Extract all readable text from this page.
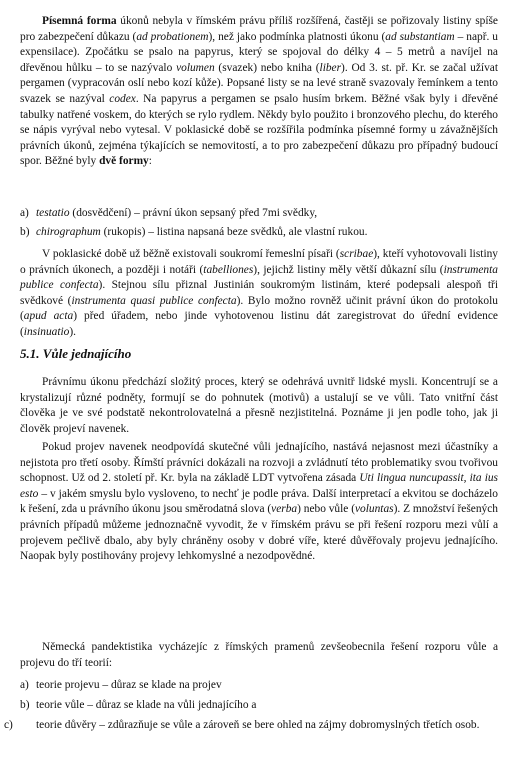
Písemná forma úkonů nebyla v římském právu příliš rozšířená, častěji se pořizovaly listiny spíše pro zabezpečení důkazu (ad probationem), než jako podmínka platnosti úkonu (ad substantiam – např. u expensilace). Zpočátku se psalo na papyrus, který se spojoval do délky 4 – 5 metrů a navíjel na dřevěnou hůlku – to se nazývalo volumen (svazek) nebo kniha (liber). Od 3. st. př. Kr. se začal užívat pergamen (vypracován oslí nebo kozí kůže). Popsané listy se na levé straně svazovaly řemínkem a tento svazek se nazýval codex. Na papyrus a pergamen se psalo husím brkem. Běžné však byly i dřevěné tabulky natřené voskem, do kterých se rylo rydlem. Někdy bylo použito i bronzového plechu, do kterého se nápis vyrýval nebo vytesal. V poklasické době se rozšířila podmínka písemné formy u závažnějších právních úkonů, zejména týkajících se nemovitostí, a to pro zabezpečení důkazu pro případný budoucí spor. Běžné byly dvě formy:

a) testatio (dosvědčení) – právní úkon sepsaný před 7mi svědky,

b) chirographum (rukopis) – listina napsaná beze svědků, ale vlastní rukou.

V poklasické době už běžně existovali soukromí řemeslní písaři (scribae), kteří vyhotovovali listiny o právních úkonech, a později i notáři (tabelliones), jejichž listiny měly větší důkazní sílu (instrumenta publice confecta). Stejnou sílu přiznal Justinián soukromým listinám, které podepsali alespoň tři svědkové (instrumenta quasi publice confecta). Bylo možno rovněž učinit právní úkon do protokolu (apud acta) před úřadem, nebo jinde vyhotovenou listinu dát zaregistrovat do úřední evidence (insinuatio).

5.1. Vůle jednajícího

Právnímu úkonu předchází složitý proces, který se odehrává uvnitř lidské mysli. Koncentrují se a krystalizují různé podněty, formují se do pohnutek (motivů) a ustalují se ve vůli. Tato vnitřní část člověka je ve své podstatě nekontrolovatelná a přesně nezjistitelná. Poznáme ji jen podle toho, jak ji člověk projeví navenek.

Pokud projev navenek neodpovídá skutečné vůli jednajícího, nastává nejasnost mezi účastníky a nejistota pro třetí osoby. Římští právníci dokázali na rozvoji a zvládnutí této problematiky svou tvořivou schopnost. Už od 2. století př. Kr. byla na základě LDT vytvořena zásada Uti lingua nuncupassit, ita ius esto – v jakém smyslu bylo vysloveno, to nechť je podle práva. Další interpretací a ekvitou se docházelo k řešení, zda u právního úkonu jsou směrodatná slova (verba) nebo vůle (voluntas). Z množství řešených právních případů můžeme jednoznačně vyvodit, že v římském právu se při řešení rozporu mezi vůlí a projevem pečlivě dbalo, aby byly chráněny osoby v dobré víře, které důvěřovaly projevu jednajícího. Naopak byly postihovány projevy lehkomyslné a nezodpovědné.

Německá pandektistika vycházejíc z římských pramenů zevšeobecnila řešení rozporu vůle a projevu do tří teorií:

a) teorie projevu – důraz se klade na projev

b) teorie vůle – důraz se klade na vůli jednajícího a

c) teorie důvěry – zdůrazňuje se vůle a zároveň se bere ohled na zájmy dobromyslných třetích osob.
